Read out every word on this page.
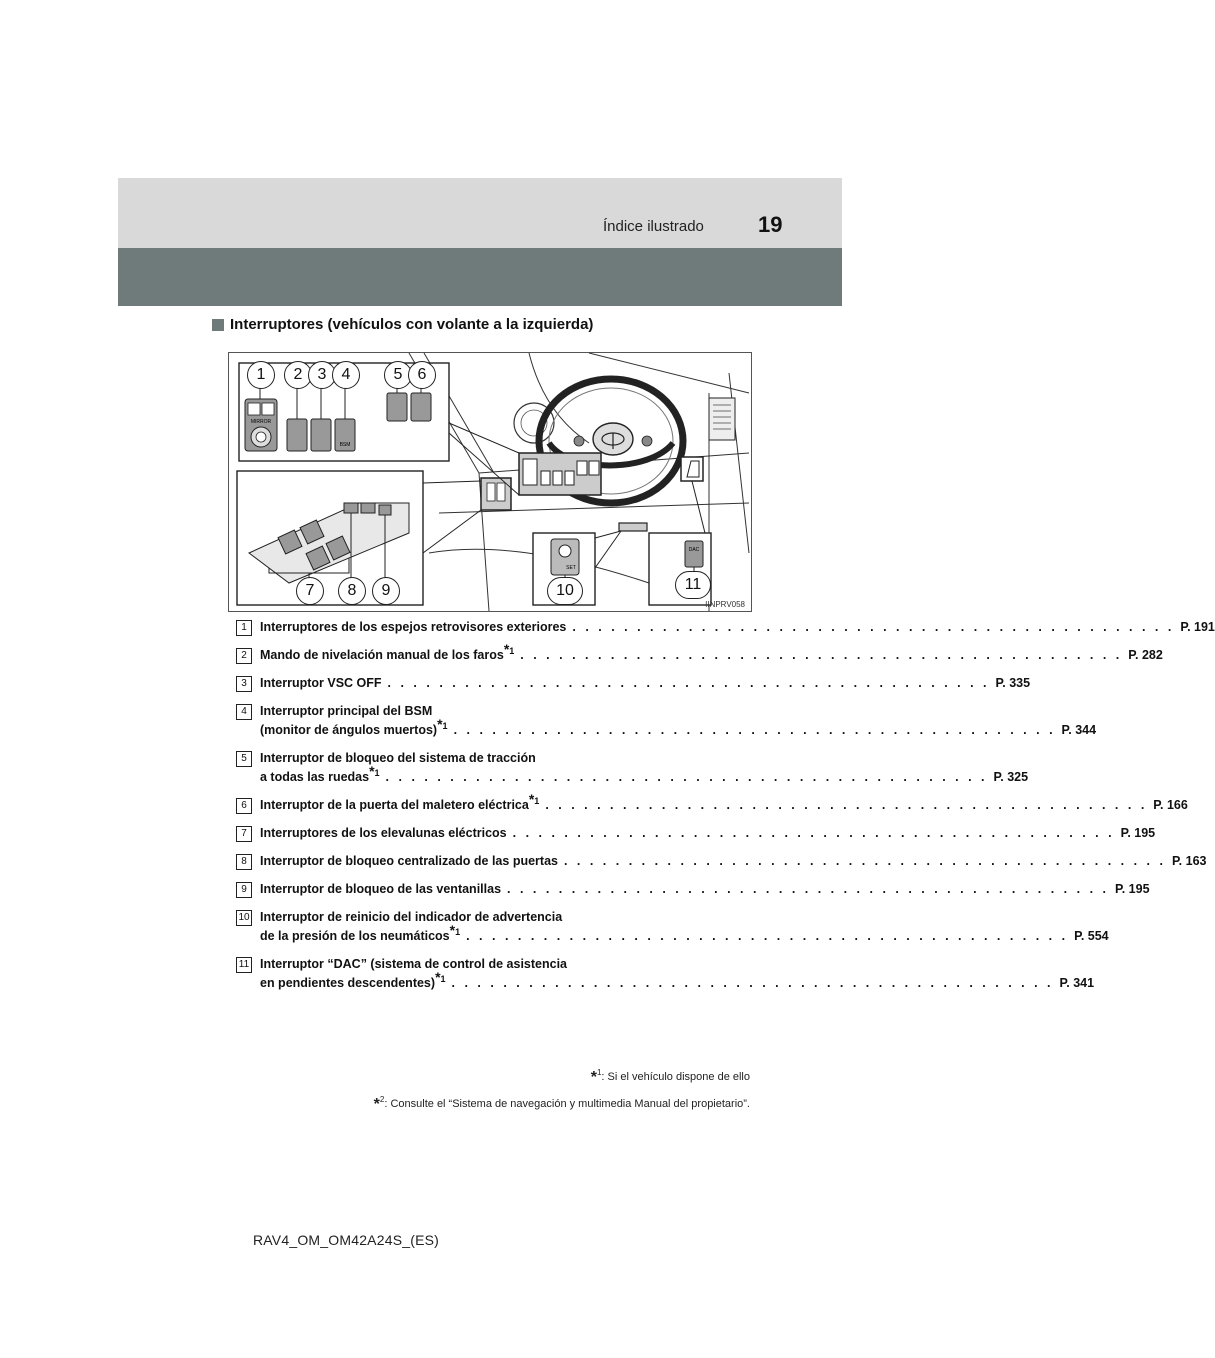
Índice ilustrado 19
Interruptores (vehículos con volante a la izquierda)
MIRROR
BSM
SET
DAC
1	2 3 4	5 6
7	8	9	10	11
IINPRV058
1	Interruptores de los espejos retrovisores exteriores . . . . . . . . . . . . . . . . . . . . . . . . . . . . . . . . . . . . . . . . . . . . . . . P. 191
2	Mando de nivelación manual de los faros$^{*1}$ . . . . . . . . . . . . . . . . . . . . . . . . . . . . . . . . . . . . . . . . . . . . . . . P. 282
3	Interruptor VSC OFF . . . . . . . . . . . . . . . . . . . . . . . . . . . . . . . . . . . . . . . . . . . . . . . P. 335
4	Interruptor principal del BSM
(monitor de ángulos muertos)$^{*1}$ . . . . . . . . . . . . . . . . . . . . . . . . . . . . . . . . . . . . . . . . . . . . . . . P. 344
5	Interruptor de bloqueo del sistema de tracción
a todas las ruedas$^{*1}$ . . . . . . . . . . . . . . . . . . . . . . . . . . . . . . . . . . . . . . . . . . . . . . . P. 325
6	Interruptor de la puerta del maletero eléctrica$^{*1}$ . . . . . . . . . . . . . . . . . . . . . . . . . . . . . . . . . . . . . . . . . . . . . . . P. 166
7	Interruptores de los elevalunas eléctricos . . . . . . . . . . . . . . . . . . . . . . . . . . . . . . . . . . . . . . . . . . . . . . . P. 195
8	Interruptor de bloqueo centralizado de las puertas . . . . . . . . . . . . . . . . . . . . . . . . . . . . . . . . . . . . . . . . . . . . . . . P. 163
9	Interruptor de bloqueo de las ventanillas . . . . . . . . . . . . . . . . . . . . . . . . . . . . . . . . . . . . . . . . . . . . . . . P. 195
10 Interruptor de reinicio del indicador de advertencia
de la presión de los neumáticos$^{*1}$ . . . . . . . . . . . . . . . . . . . . . . . . . . . . . . . . . . . . . . . . . . . . . . . P. 554
11 Interruptor “DAC” (sistema de control de asistencia
en pendientes descendentes)$^{*1}$ . . . . . . . . . . . . . . . . . . . . . . . . . . . . . . . . . . . . . . . . . . . . . . . P. 341
*$^1$: Si el vehículo dispone de ello
*$^2$: Consulte el “Sistema de navegación y multimedia Manual del propietario”.
RAV4_OM_OM42A24S_(ES)
